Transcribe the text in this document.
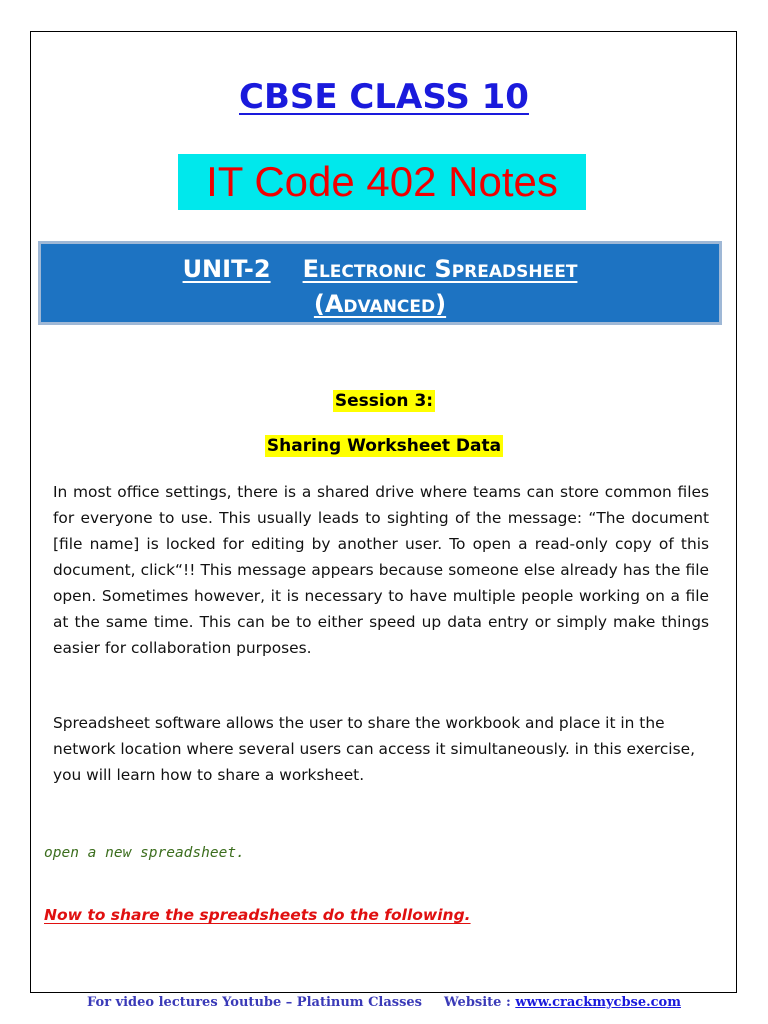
CBSE CLASS 10
IT Code 402 Notes
UNIT-2 Electronic Spreadsheet
(Advanced)
Session 3:
Sharing Worksheet Data
In most office settings, there is a shared drive where teams can store common files for everyone to use. This usually leads to sighting of the message: “The document [file name] is locked for editing by another user. To open a read-only copy of this document, click“!! This message appears because someone else already has the file open. Sometimes however, it is necessary to have multiple people working on a file at the same time. This can be to either speed up data entry or simply make things easier for collaboration purposes.
Spreadsheet software allows the user to share the workbook and place it in the network location where several users can access it simultaneously. in this exercise, you will learn how to share a worksheet.
open a new spreadsheet.
Now to share the spreadsheets do the following.
For video lectures Youtube – Platinum Classes Website : www.crackmycbse.com
